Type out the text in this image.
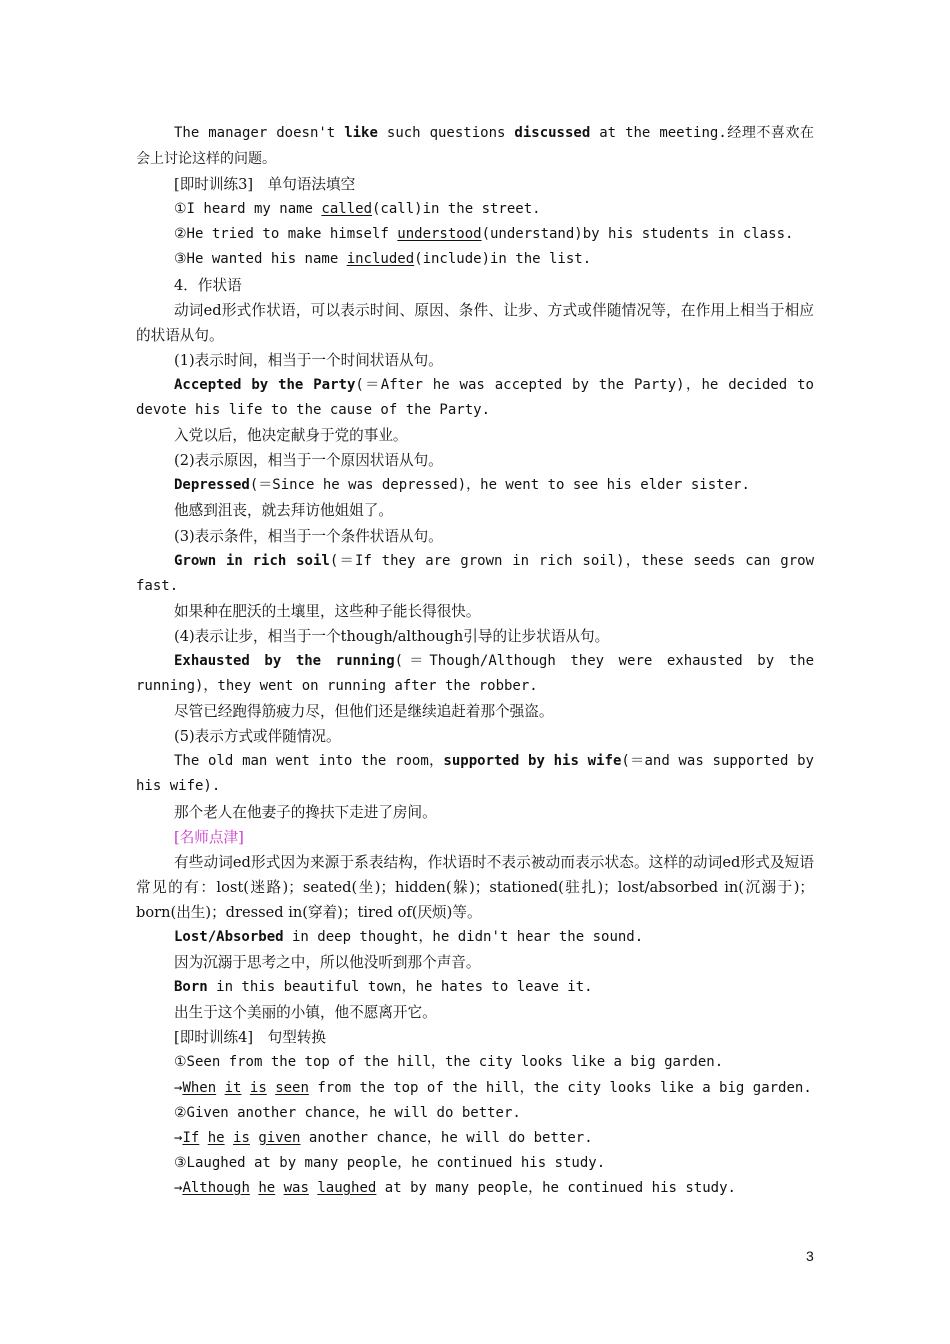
The manager doesn't like such questions discussed at the meeting.经理不喜欢在会上讨论这样的问题。

[即时训练3]　单句语法填空

①I heard my name called(call)in the street.

②He tried to make himself understood(understand)by his students in class.

③He wanted his name included(include)in the list.

4．作状语

动词ed形式作状语，可以表示时间、原因、条件、让步、方式或伴随情况等，在作用上相当于相应的状语从句。

(1)表示时间，相当于一个时间状语从句。

Accepted by the Party(＝After he was accepted by the Party)，he decided to devote his life to the cause of the Party.

入党以后，他决定献身于党的事业。

(2)表示原因，相当于一个原因状语从句。

Depressed(＝Since he was depressed)，he went to see his elder sister.

他感到沮丧，就去拜访他姐姐了。

(3)表示条件，相当于一个条件状语从句。

Grown in rich soil(＝If they are grown in rich soil)，these seeds can grow fast.

如果种在肥沃的土壤里，这些种子能长得很快。

(4)表示让步，相当于一个though/although引导的让步状语从句。

Exhausted by the running(＝Though/Although they were exhausted by the running)，they went on running after the robber.

尽管已经跑得筋疲力尽，但他们还是继续追赶着那个强盗。

(5)表示方式或伴随情况。

The old man went into the room，supported by his wife(＝and was supported by his wife).

那个老人在他妻子的搀扶下走进了房间。

[名师点津]

有些动词ed形式因为来源于系表结构，作状语时不表示被动而表示状态。这样的动词ed形式及短语常见的有：lost(迷路)；seated(坐)；hidden(躲)；stationed(驻扎)；lost/absorbed in(沉溺于)；born(出生)；dressed in(穿着)；tired of(厌烦)等。

Lost/Absorbed in deep thought，he didn't hear the sound.

因为沉溺于思考之中，所以他没听到那个声音。

Born in this beautiful town，he hates to leave it.

出生于这个美丽的小镇，他不愿离开它。

[即时训练4]　句型转换

①Seen from the top of the hill，the city looks like a big garden.

→When it is seen from the top of the hill，the city looks like a big garden.

②Given another chance，he will do better.

→If he is given another chance，he will do better.

③Laughed at by many people，he continued his study.

→Although he was laughed at by many people，he continued his study.

3
